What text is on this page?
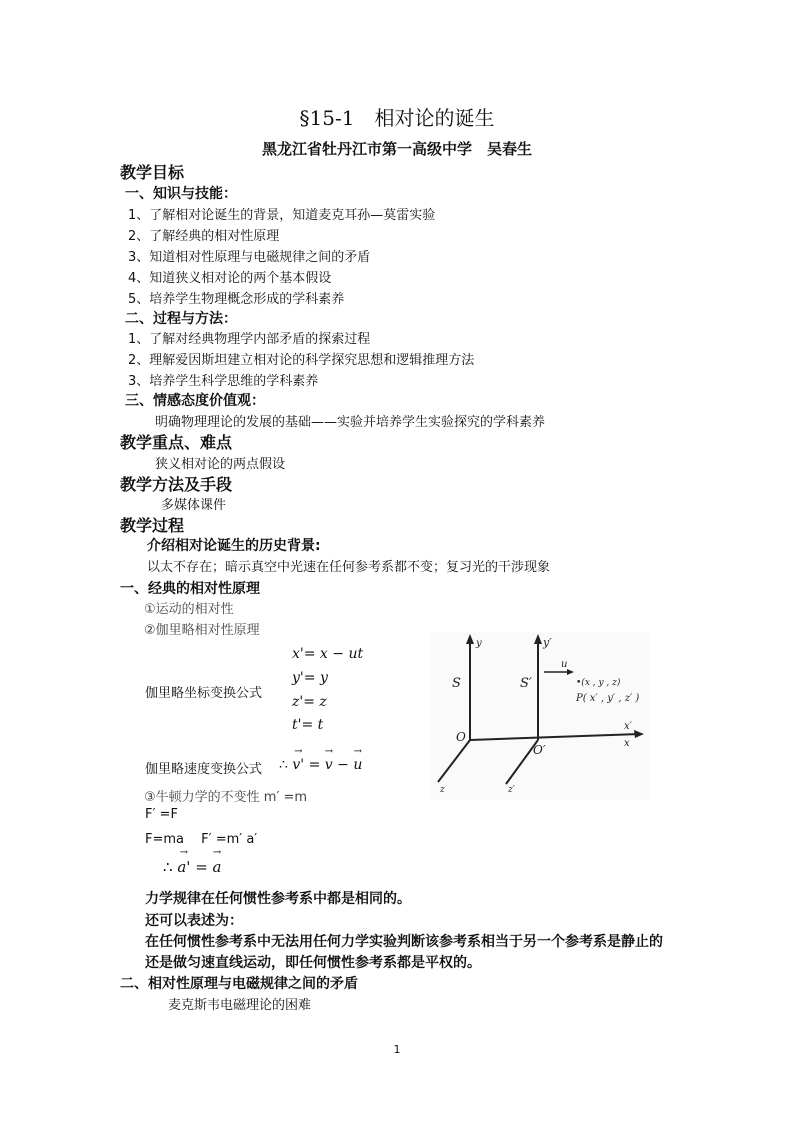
§15-1　相对论的诞生
黑龙江省牡丹江市第一高级中学　吴春生
教学目标
一、知识与技能：
1、了解相对论诞生的背景，知道麦克耳孙—莫雷实验
2、了解经典的相对性原理
3、知道相对性原理与电磁规律之间的矛盾
4、知道狭义相对论的两个基本假设
5、培养学生物理概念形成的学科素养
二、过程与方法：
1、了解对经典物理学内部矛盾的探索过程
2、理解爱因斯坦建立相对论的科学探究思想和逻辑推理方法
3、培养学生科学思维的学科素养
三、情感态度价值观：
明确物理理论的发展的基础——实验并培养学生实验探究的学科素养
教学重点、难点
狭义相对论的两点假设
教学方法及手段
多媒体课件
教学过程
介绍相对论诞生的历史背景:
以太不存在；暗示真空中光速在任何参考系都不变；复习光的干涉现象
一、经典的相对性原理
①运动的相对性
②伽里略相对性原理
伽里略坐标变换公式
x'= x − ut
y'= y
z'= z
t'= t
伽里略速度变换公式 ∴ → v' = → v − → u
③牛顿力学的不变性 m′ =m
F′ =F
F=ma　 F′ =m′ a′
∴ → a' = → a
力学规律在任何惯性参考系中都是相同的。
还可以表述为：
在任何惯性参考系中无法用任何力学实验判断该参考系相当于另一个参考系是静止的
还是做匀速直线运动，即任何惯性参考系都是平权的。
二、相对性原理与电磁规律之间的矛盾
麦克斯韦电磁理论的困难
y	y′
S	S′
u
•(x , y , z)
P( x′ , y′ , z′ )
x′
x
O
O′
z	z′
1
